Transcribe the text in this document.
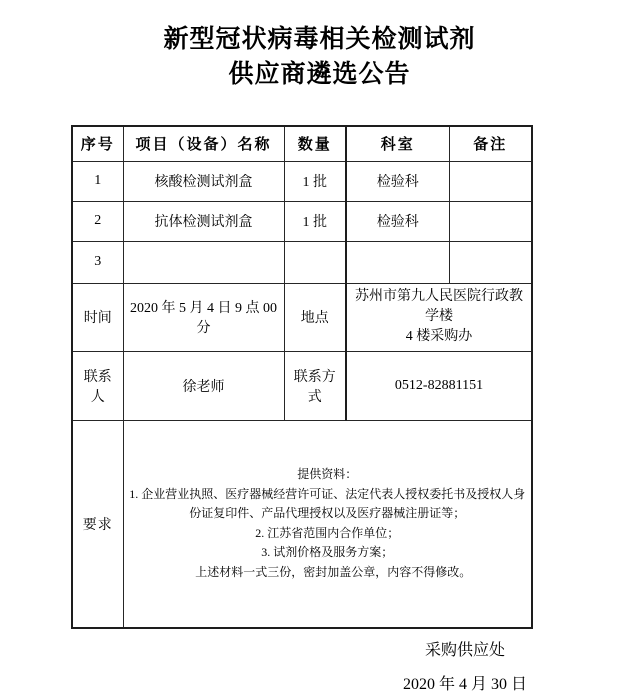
新型冠状病毒相关检测试剂
供应商遴选公告
序号	项目（设备）名称	数量	科室	备注
1	核酸检测试剂盒	1 批	检验科	
2	抗体检测试剂盒	1 批	检验科	
3				
时间	2020 年 5 月 4 日 9 点 00 分	地点	苏州市第九人民医院行政教学楼
4 楼采购办	

联系人	徐老师	联系方式	0512-82881151	
要求	
提供资料：
1. 企业营业执照、医疗器械经营许可证、法定代表人授权委托书及授权人身
份证复印件、产品代理授权以及医疗器械注册证等；
2. 江苏省范围内合作单位；
3. 试剂价格及服务方案；
　上述材料一式三份，密封加盖公章，内容不得修改。
采购供应处
2020 年 4 月 30 日
